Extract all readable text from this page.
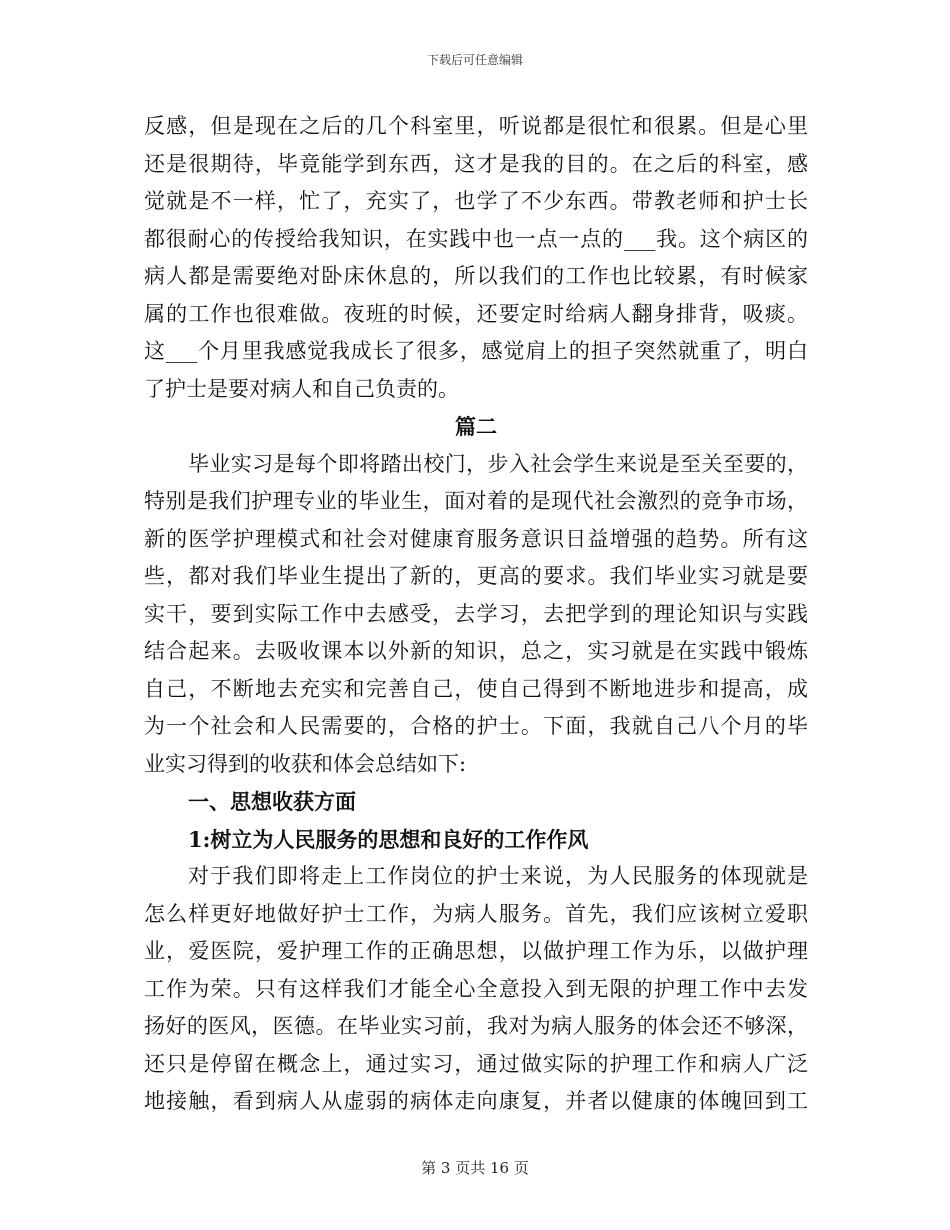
下载后可任意编辑
反感，但是现在之后的几个科室里，听说都是很忙和很累。但是心里
还是很期待，毕竟能学到东西，这才是我的目的。在之后的科室，感
觉就是不一样，忙了，充实了，也学了不少东西。带教老师和护士长
都很耐心的传授给我知识，在实践中也一点一点的___我。这个病区的
病人都是需要绝对卧床休息的，所以我们的工作也比较累，有时候家
属的工作也很难做。夜班的时候，还要定时给病人翻身排背，吸痰。
这___个月里我感觉我成长了很多，感觉肩上的担子突然就重了，明白
了护士是要对病人和自己负责的。
篇二
毕业实习是每个即将踏出校门，步入社会学生来说是至关至要的，
特别是我们护理专业的毕业生，面对着的是现代社会激烈的竞争市场，
新的医学护理模式和社会对健康育服务意识日益增强的趋势。所有这
些，都对我们毕业生提出了新的，更高的要求。我们毕业实习就是要
实干，要到实际工作中去感受，去学习，去把学到的理论知识与实践
结合起来。去吸收课本以外新的知识，总之，实习就是在实践中锻炼
自己，不断地去充实和完善自己，使自己得到不断地进步和提高，成
为一个社会和人民需要的，合格的护士。下面，我就自己八个月的毕
业实习得到的收获和体会总结如下:
一、思想收获方面
1:树立为人民服务的思想和良好的工作作风
对于我们即将走上工作岗位的护士来说，为人民服务的体现就是
怎么样更好地做好护士工作，为病人服务。首先，我们应该树立爱职
业，爱医院，爱护理工作的正确思想，以做护理工作为乐，以做护理
工作为荣。只有这样我们才能全心全意投入到无限的护理工作中去发
扬好的医风，医德。在毕业实习前，我对为病人服务的体会还不够深，
还只是停留在概念上，通过实习，通过做实际的护理工作和病人广泛
地接触，看到病人从虚弱的病体走向康复，并者以健康的体魄回到工
第 3 页共 16 页
